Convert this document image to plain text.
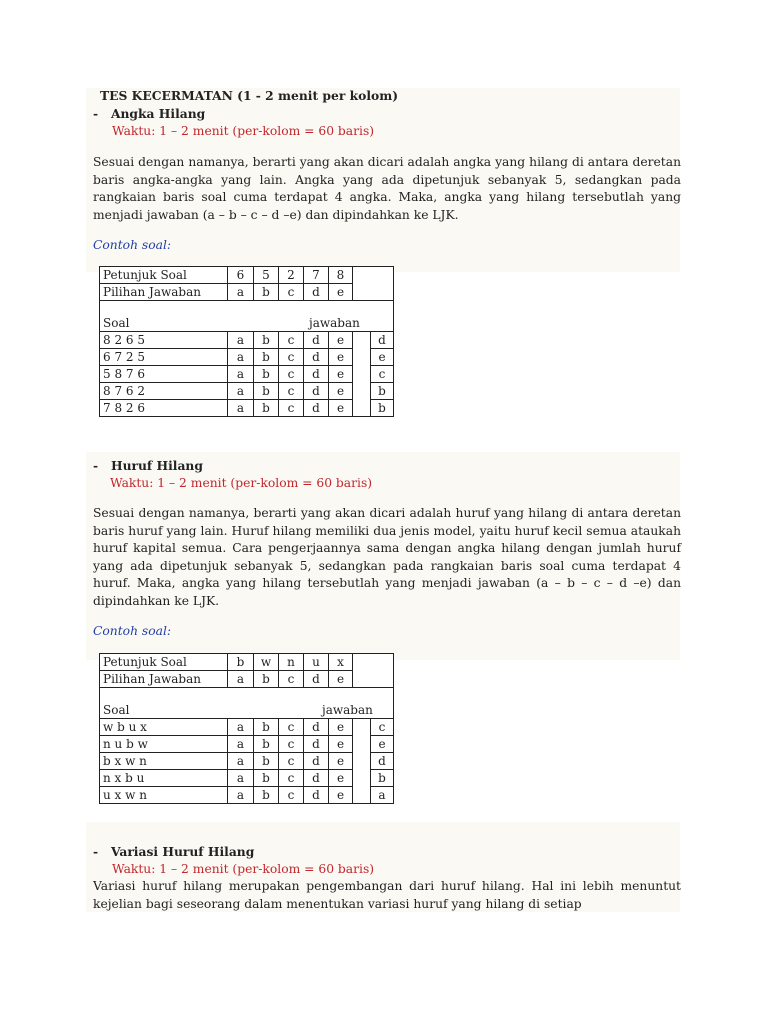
TES KECERMATAN (1 - 2 menit per kolom)
- Angka Hilang
Waktu: 1 – 2 menit (per-kolom = 60 baris)
Sesuai dengan namanya, berarti yang akan dicari adalah angka yang hilang di antara deretan baris angka-angka yang lain. Angka yang ada dipetunjuk sebanyak 5, sedangkan pada rangkaian baris soal cuma terdapat 4 angka. Maka, angka yang hilang tersebutlah yang menjadi jawaban (a – b – c – d –e) dan dipindahkan ke LJK.
Contoh soal:
Petunjuk Soal	6	5	2	7	8		
Pilihan Jawaban	a	b	c	d	e		
Soal jawaban							

8 2 6 5	a	b	c	d	e		d
6 7 2 5	a	b	c	d	e		e
5 8 7 6	a	b	c	d	e		c
8 7 6 2	a	b	c	d	e		b
7 8 2 6	a	b	c	d	e		b
- Huruf Hilang
Waktu: 1 – 2 menit (per-kolom = 60 baris)
Sesuai dengan namanya, berarti yang akan dicari adalah huruf yang hilang di antara deretan baris huruf yang lain. Huruf hilang memiliki dua jenis model, yaitu huruf kecil semua ataukah huruf kapital semua. Cara pengerjaannya sama dengan angka hilang dengan jumlah huruf yang ada dipetunjuk sebanyak 5, sedangkan pada rangkaian baris soal cuma terdapat 4 huruf. Maka, angka yang hilang tersebutlah yang menjadi jawaban (a – b – c – d –e) dan dipindahkan ke LJK.
Contoh soal:
Petunjuk Soal	b	w	n	u	x		
Pilihan Jawaban	a	b	c	d	e		
Soal jawaban							

w b u x	a	b	c	d	e		c
n u b w	a	b	c	d	e		e
b x w n	a	b	c	d	e		d
n x b u	a	b	c	d	e		b
u x w n	a	b	c	d	e		a
- Variasi Huruf Hilang
Waktu: 1 – 2 menit (per-kolom = 60 baris)
Variasi huruf hilang merupakan pengembangan dari huruf hilang. Hal ini lebih menuntut kejelian bagi seseorang dalam menentukan variasi huruf yang hilang di setiap
